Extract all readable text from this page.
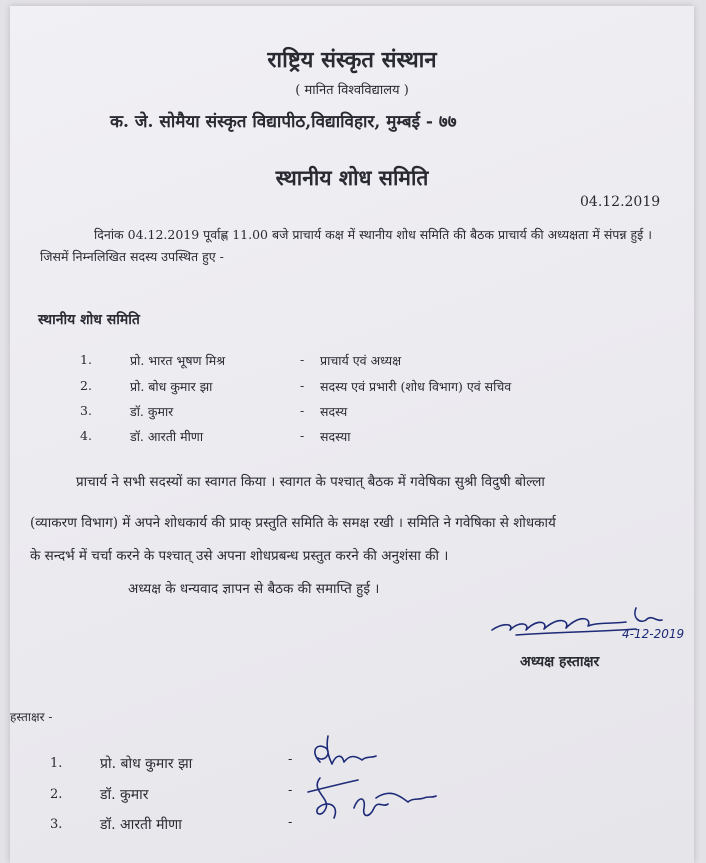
राष्ट्रिय संस्कृत संस्थान
( मानित विश्वविद्यालय )
क. जे. सोमैया संस्कृत विद्यापीठ,विद्याविहार, मुम्बई - ७७
स्थानीय शोध समिति
04.12.2019
दिनांक 04.12.2019 पूर्वाह्ण 11.00 बजे प्राचार्य कक्ष में स्थानीय शोध समिति की बैठक प्राचार्य की अध्यक्षता में संपन्न हुई । जिसमें निम्नलिखित सदस्य उपस्थित हुए -
स्थानीय शोध समिति
1.	प्रो. भारत भूषण मिश्र	- प्राचार्य एवं अध्यक्ष
2.	प्रो. बोध कुमार झा	- सदस्य एवं प्रभारी (शोध विभाग) एवं सचिव
3.	डॉ. कुमार	- सदस्य
4.	डॉ. आरती मीणा	- सदस्या
प्राचार्य ने सभी सदस्यों का स्वागत किया । स्वागत के पश्चात् बैठक में गवेषिका सुश्री विदुषी बोल्ला
(व्याकरण विभाग) में अपने शोधकार्य की प्राक् प्रस्तुति समिति के समक्ष रखी । समिति ने गवेषिका से शोधकार्य
के सन्दर्भ में चर्चा करने के पश्चात् उसे अपना शोधप्रबन्ध प्रस्तुत करने की अनुशंसा की ।
अध्यक्ष के धन्यवाद ज्ञापन से बैठक की समाप्ति हुई ।
4-12-2019
अध्यक्ष हस्ताक्षर
हस्ताक्षर -
1.	प्रो. बोध कुमार झा	-
2.	डॉ. कुमार	-
3.	डॉ. आरती मीणा	-
